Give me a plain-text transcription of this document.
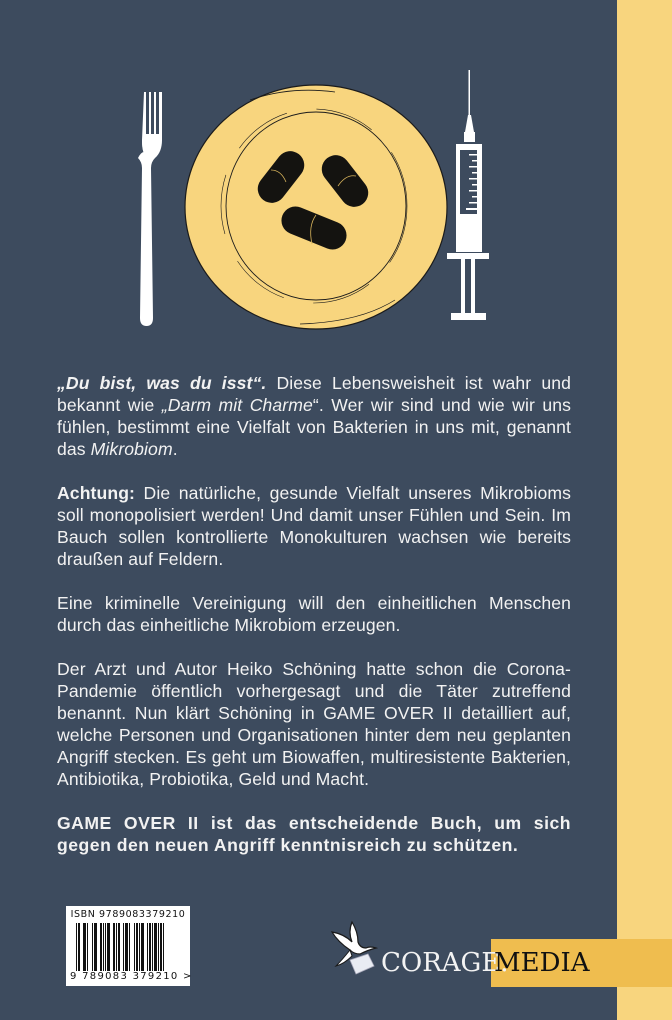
„Du bist, was du isst“. Diese Lebensweisheit ist wahr und bekannt wie „Darm mit Charme“. Wer wir sind und wie wir uns fühlen, bestimmt eine Vielfalt von Bakterien in uns mit, genannt das Mikrobiom.

Achtung: Die natürliche, gesunde Vielfalt unseres Mikrobioms soll monopolisiert werden! Und damit unser Fühlen und Sein. Im Bauch sollen kontrollierte Monokulturen wachsen wie bereits draußen auf Feldern.

Eine kriminelle Vereinigung will den einheitlichen Menschen durch das einheitliche Mikrobiom erzeugen.

Der Arzt und Autor Heiko Schöning hatte schon die Corona-Pandemie öffentlich vorhergesagt und die Täter zutreffend benannt. Nun klärt Schöning in GAME OVER II detailliert auf, welche Personen und Organisationen hinter dem neu geplanten Angriff stecken. Es geht um Biowaffen, multiresistente Bakterien, Antibiotika, Probiotika, Geld und Macht.

GAME OVER II ist das entscheidende Buch, um sich gegen den neuen Angriff kenntnisreich zu schützen.

ISBN 9789083379210
9 789083 379210 >	CORAGE.
MEDIA
